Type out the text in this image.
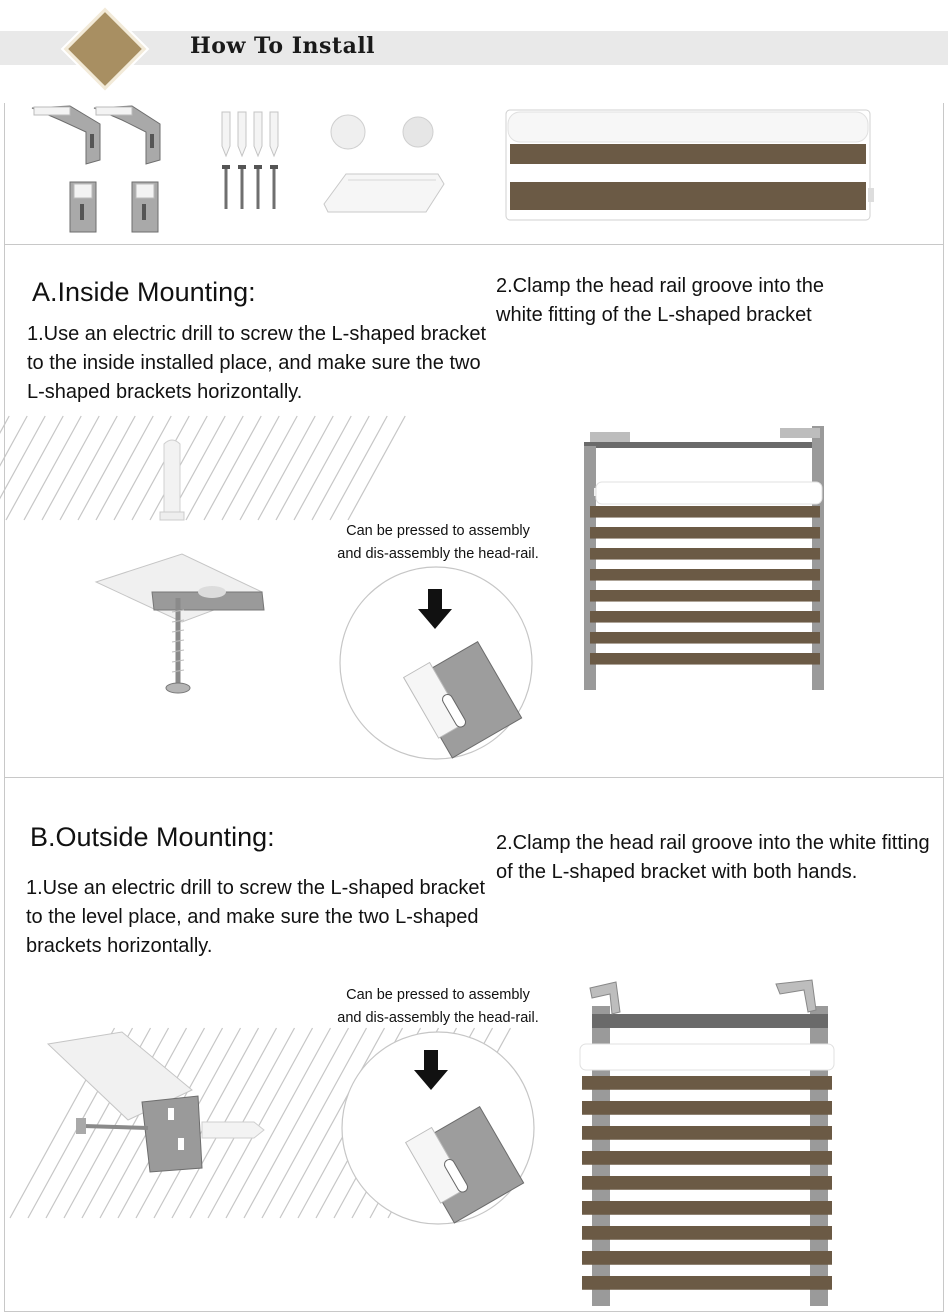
How To Install
A.Inside Mounting:
1.Use an electric drill to screw the L-shaped bracket
to the inside installed place, and make sure the two
L-shaped brackets horizontally.
2.Clamp the head rail groove into the
white fitting of the L-shaped bracket
Can be pressed to assembly
and dis-assembly the head-rail.
B.Outside Mounting:
1.Use an electric drill to screw the L-shaped bracket
to the level place, and make sure the two L-shaped
brackets horizontally.
2.Clamp the head rail groove into the white fitting
of the L-shaped bracket with both hands.
Can be pressed to assembly
and dis-assembly the head-rail.
